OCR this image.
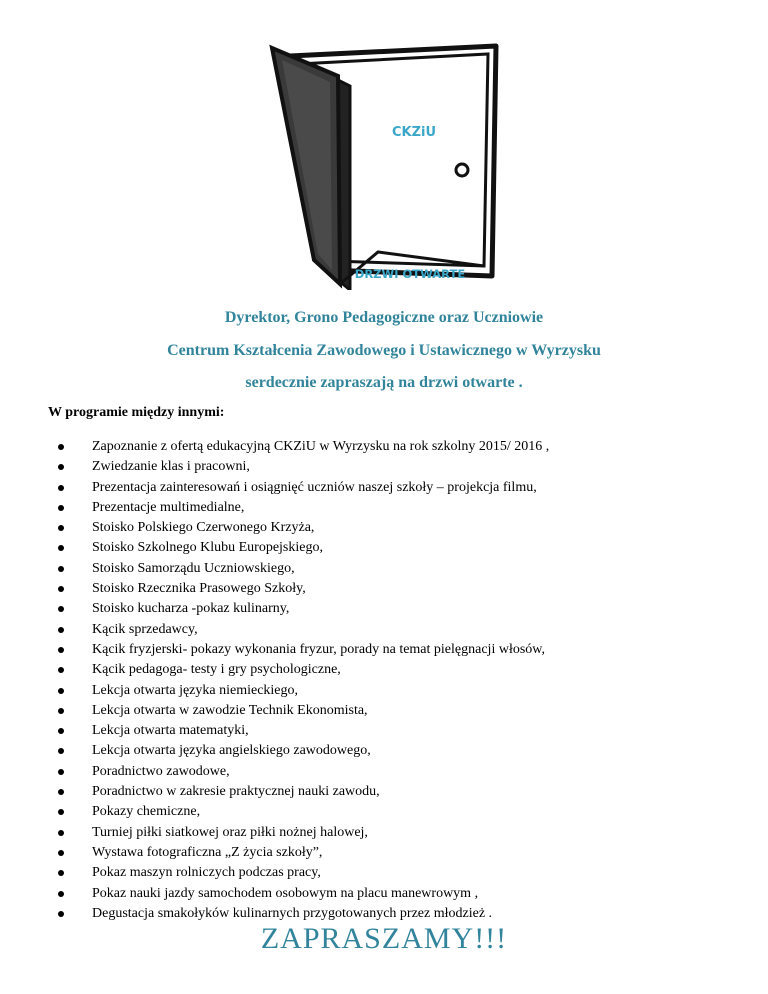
CKZiU
DRZWI OTWARTE
Dyrektor, Grono Pedagogiczne oraz Uczniowie
Centrum Kształcenia Zawodowego i Ustawicznego w Wyrzysku
serdecznie zapraszają na drzwi otwarte .
W programie między innymi:
Zapoznanie z ofertą edukacyjną CKZiU w Wyrzysku na rok szkolny 2015/ 2016 ,
Zwiedzanie klas i pracowni,
Prezentacja zainteresowań i osiągnięć uczniów naszej szkoły – projekcja filmu,
Prezentacje multimedialne,
Stoisko Polskiego Czerwonego Krzyża,
Stoisko Szkolnego Klubu Europejskiego,
Stoisko Samorządu Uczniowskiego,
Stoisko Rzecznika Prasowego Szkoły,
Stoisko kucharza -pokaz kulinarny,
Kącik sprzedawcy,
Kącik fryzjerski- pokazy wykonania fryzur, porady na temat pielęgnacji włosów,
Kącik pedagoga- testy i gry psychologiczne,
Lekcja otwarta języka niemieckiego,
Lekcja otwarta w zawodzie Technik Ekonomista,
Lekcja otwarta matematyki,
Lekcja otwarta języka angielskiego zawodowego,
Poradnictwo zawodowe,
Poradnictwo w zakresie praktycznej nauki zawodu,
Pokazy chemiczne,
Turniej piłki siatkowej oraz piłki nożnej halowej,
Wystawa fotograficzna „Z życia szkoły”,
Pokaz maszyn rolniczych podczas pracy,
Pokaz nauki jazdy samochodem osobowym na placu manewrowym ,
Degustacja smakołyków kulinarnych przygotowanych przez młodzież .
ZAPRASZAMY!!!
